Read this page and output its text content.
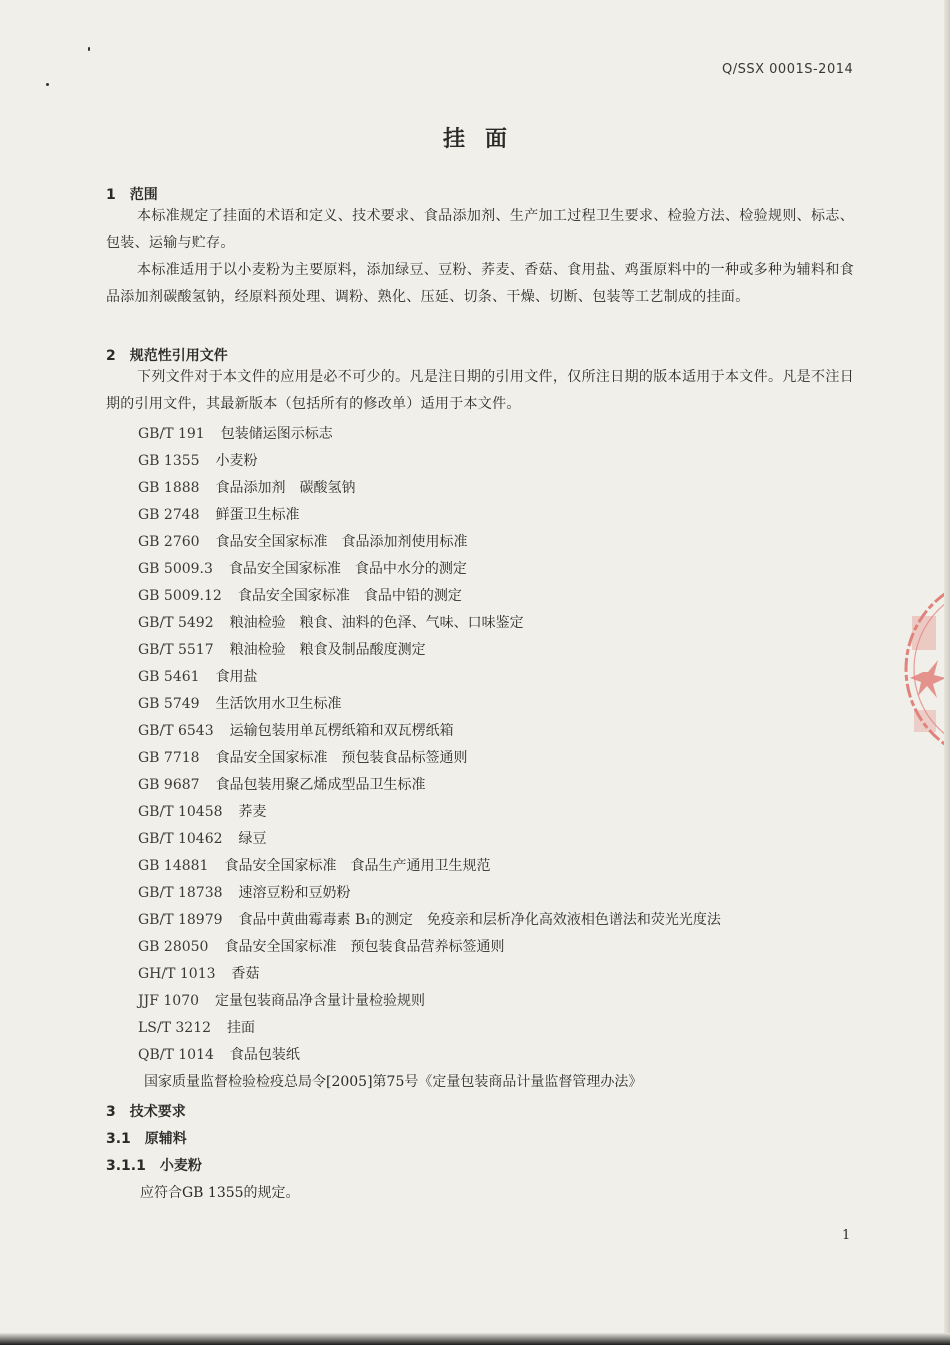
Q/SSX 0001S-2014
挂面
1　范围
本标准规定了挂面的术语和定义、技术要求、食品添加剂、生产加工过程卫生要求、检验方法、检验规则、标志、包装、运输与贮存。
本标准适用于以小麦粉为主要原料，添加绿豆、豆粉、荞麦、香菇、食用盐、鸡蛋原料中的一种或多种为辅料和食品添加剂碳酸氢钠，经原料预处理、调粉、熟化、压延、切条、干燥、切断、包装等工艺制成的挂面。
2　规范性引用文件
下列文件对于本文件的应用是必不可少的。凡是注日期的引用文件，仅所注日期的版本适用于本文件。凡是不注日期的引用文件，其最新版本（包括所有的修改单）适用于本文件。
GB/T 191 包装储运图示标志
GB 1355 小麦粉
GB 1888 食品添加剂　碳酸氢钠
GB 2748 鲜蛋卫生标准
GB 2760 食品安全国家标准　食品添加剂使用标准
GB 5009.3 食品安全国家标准　食品中水分的测定
GB 5009.12 食品安全国家标准　食品中铅的测定
GB/T 5492 粮油检验　粮食、油料的色泽、气味、口味鉴定
GB/T 5517 粮油检验　粮食及制品酸度测定
GB 5461 食用盐
GB 5749 生活饮用水卫生标准
GB/T 6543 运输包装用单瓦楞纸箱和双瓦楞纸箱
GB 7718 食品安全国家标准　预包装食品标签通则
GB 9687 食品包装用聚乙烯成型品卫生标准
GB/T 10458 荞麦
GB/T 10462 绿豆
GB 14881 食品安全国家标准　食品生产通用卫生规范
GB/T 18738 速溶豆粉和豆奶粉
GB/T 18979 食品中黄曲霉毒素 B₁的测定　免疫亲和层析净化高效液相色谱法和荧光光度法
GB 28050 食品安全国家标准　预包装食品营养标签通则
GH/T 1013 香菇
JJF 1070 定量包装商品净含量计量检验规则
LS/T 3212 挂面
QB/T 1014 食品包装纸
国家质量监督检验检疫总局令[2005]第75号《定量包装商品计量监督管理办法》
3　技术要求
3.1　原辅料
3.1.1　小麦粉
应符合GB 1355的规定。
1
